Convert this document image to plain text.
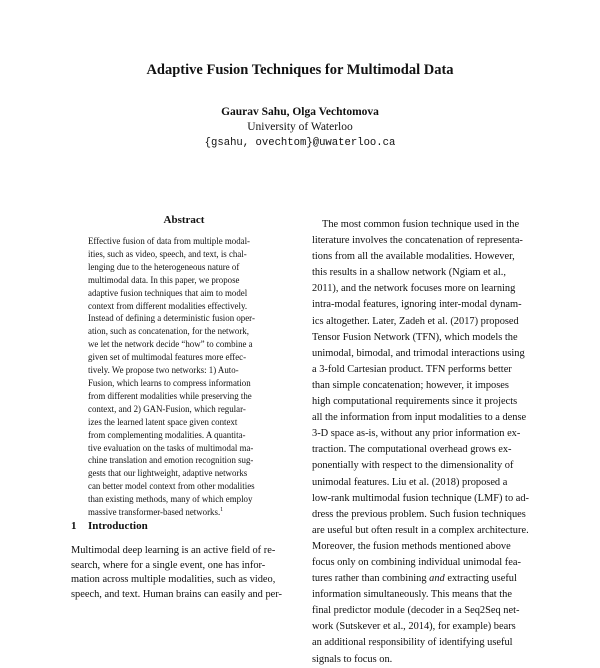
Adaptive Fusion Techniques for Multimodal Data
Gaurav Sahu, Olga Vechtomova
University of Waterloo
{gsahu, ovechtom}@uwaterloo.ca
Abstract
Effective fusion of data from multiple modal-
ities, such as video, speech, and text, is chal-
lenging due to the heterogeneous nature of
multimodal data. In this paper, we propose
adaptive fusion techniques that aim to model
context from different modalities effectively.
Instead of defining a deterministic fusion oper-
ation, such as concatenation, for the network,
we let the network decide “how” to combine a
given set of multimodal features more effec-
tively. We propose two networks: 1) Auto-
Fusion, which learns to compress information
from different modalities while preserving the
context, and 2) GAN-Fusion, which regular-
izes the learned latent space given context
from complementing modalities. A quantita-
tive evaluation on the tasks of multimodal ma-
chine translation and emotion recognition sug-
gests that our lightweight, adaptive networks
can better model context from other modalities
than existing methods, many of which employ
massive transformer-based networks.$^1$
1 Introduction
Multimodal deep learning is an active field of re-
search, where for a single event, one has infor-
mation across multiple modalities, such as video,
speech, and text. Human brains can easily and per-
The most common fusion technique used in the
literature involves the concatenation of representa-
tions from all the available modalities. However,
this results in a shallow network (Ngiam et al.,
2011), and the network focuses more on learning
intra-modal features, ignoring inter-modal dynam-
ics altogether. Later, Zadeh et al. (2017) proposed
Tensor Fusion Network (TFN), which models the
unimodal, bimodal, and trimodal interactions using
a 3-fold Cartesian product. TFN performs better
than simple concatenation; however, it imposes
high computational requirements since it projects
all the information from input modalities to a dense
3-D space as-is, without any prior information ex-
traction. The computational overhead grows ex-
ponentially with respect to the dimensionality of
unimodal features. Liu et al. (2018) proposed a
low-rank multimodal fusion technique (LMF) to ad-
dress the previous problem. Such fusion techniques
are useful but often result in a complex architecture.
Moreover, the fusion methods mentioned above
focus only on combining individual unimodal fea-
tures rather than combining and extracting useful
information simultaneously. This means that the
final predictor module (decoder in a Seq2Seq net-
work (Sutskever et al., 2014), for example) bears
an additional responsibility of identifying useful
signals to focus on.
